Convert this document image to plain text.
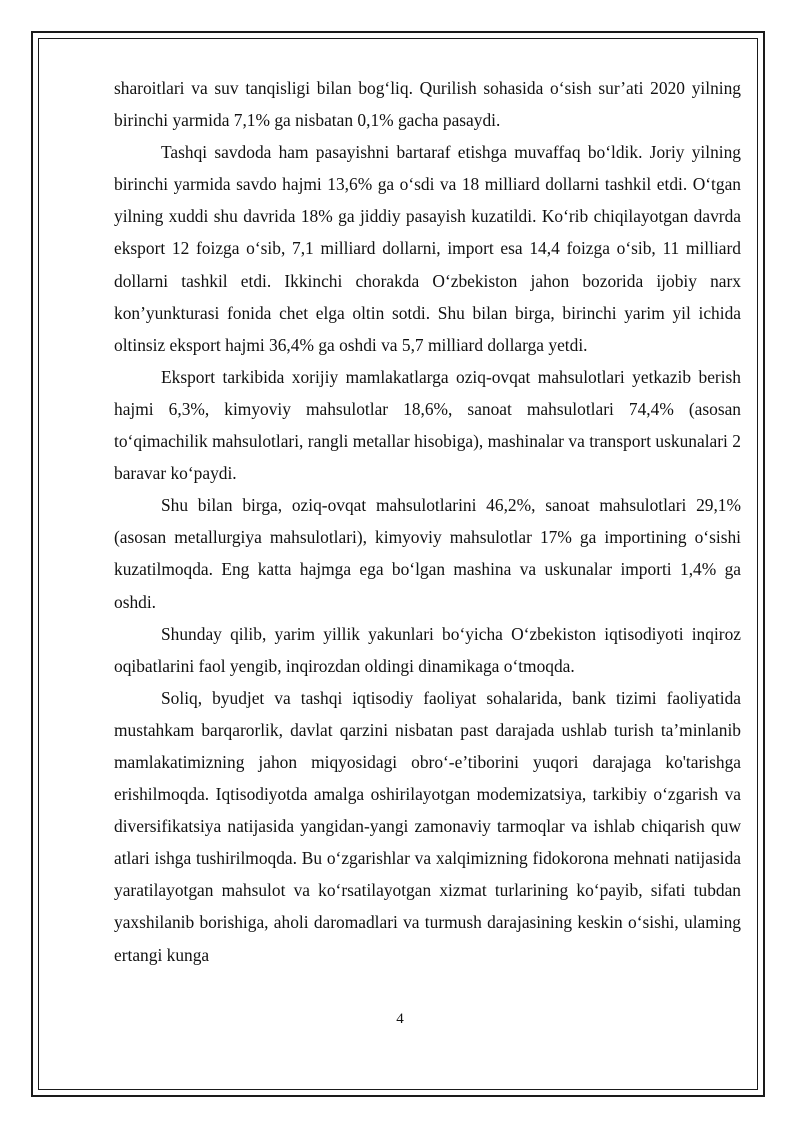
sharoitlari va suv tanqisligi bilan bog‘liq. Qurilish sohasida o‘sish sur’ati 2020 yilning birinchi yarmida 7,1% ga nisbatan 0,1% gacha pasaydi.

Tashqi savdoda ham pasayishni bartaraf etishga muvaffaq bo‘ldik. Joriy yilning birinchi yarmida savdo hajmi 13,6% ga o‘sdi va 18 milliard dollarni tashkil etdi. O‘tgan yilning xuddi shu davrida 18% ga jiddiy pasayish kuzatildi. Ko‘rib chiqilayotgan davrda eksport 12 foizga o‘sib, 7,1 milliard dollarni, import esa 14,4 foizga o‘sib, 11 milliard dollarni tashkil etdi. Ikkinchi chorakda O‘zbekiston jahon bozorida ijobiy narx kon’yunkturasi fonida chet elga oltin sotdi. Shu bilan birga, birinchi yarim yil ichida oltinsiz eksport hajmi 36,4% ga oshdi va 5,7 milliard dollarga yetdi.

Eksport tarkibida xorijiy mamlakatlarga oziq-ovqat mahsulotlari yetkazib berish hajmi 6,3%, kimyoviy mahsulotlar 18,6%, sanoat mahsulotlari 74,4% (asosan to‘qimachilik mahsulotlari, rangli metallar hisobiga), mashinalar va transport uskunalari 2 baravar ko‘paydi.

Shu bilan birga, oziq-ovqat mahsulotlarini 46,2%, sanoat mahsulotlari 29,1% (asosan metallurgiya mahsulotlari), kimyoviy mahsulotlar 17% ga importining o‘sishi kuzatilmoqda. Eng katta hajmga ega bo‘lgan mashina va uskunalar importi 1,4% ga oshdi.

Shunday qilib, yarim yillik yakunlari bo‘yicha O‘zbekiston iqtisodiyoti inqiroz oqibatlarini faol yengib, inqirozdan oldingi dinamikaga o‘tmoqda.

Soliq, byudjet va tashqi iqtisodiy faoliyat sohalarida, bank tizimi faoliyatida mustahkam barqarorlik, davlat qarzini nisbatan past darajada ushlab turish ta’minlanib mamlakatimizning jahon miqyosidagi obro‘-e’tiborini yuqori darajaga ko'tarishga erishilmoqda. Iqtisodiyotda amalga oshirilayotgan modemizatsiya, tarkibiy o‘zgarish va diversifikatsiya natijasida yangidan-yangi zamonaviy tarmoqlar va ishlab chiqarish quw atlari ishga tushirilmoqda. Bu o‘zgarishlar va xalqimizning fidokorona mehnati natijasida yaratilayotgan mahsulot va ko‘rsatilayotgan xizmat turlarining ko‘payib, sifati tubdan yaxshilanib borishiga, aholi daromadlari va turmush darajasining keskin o‘sishi, ulaming ertangi kunga

4
